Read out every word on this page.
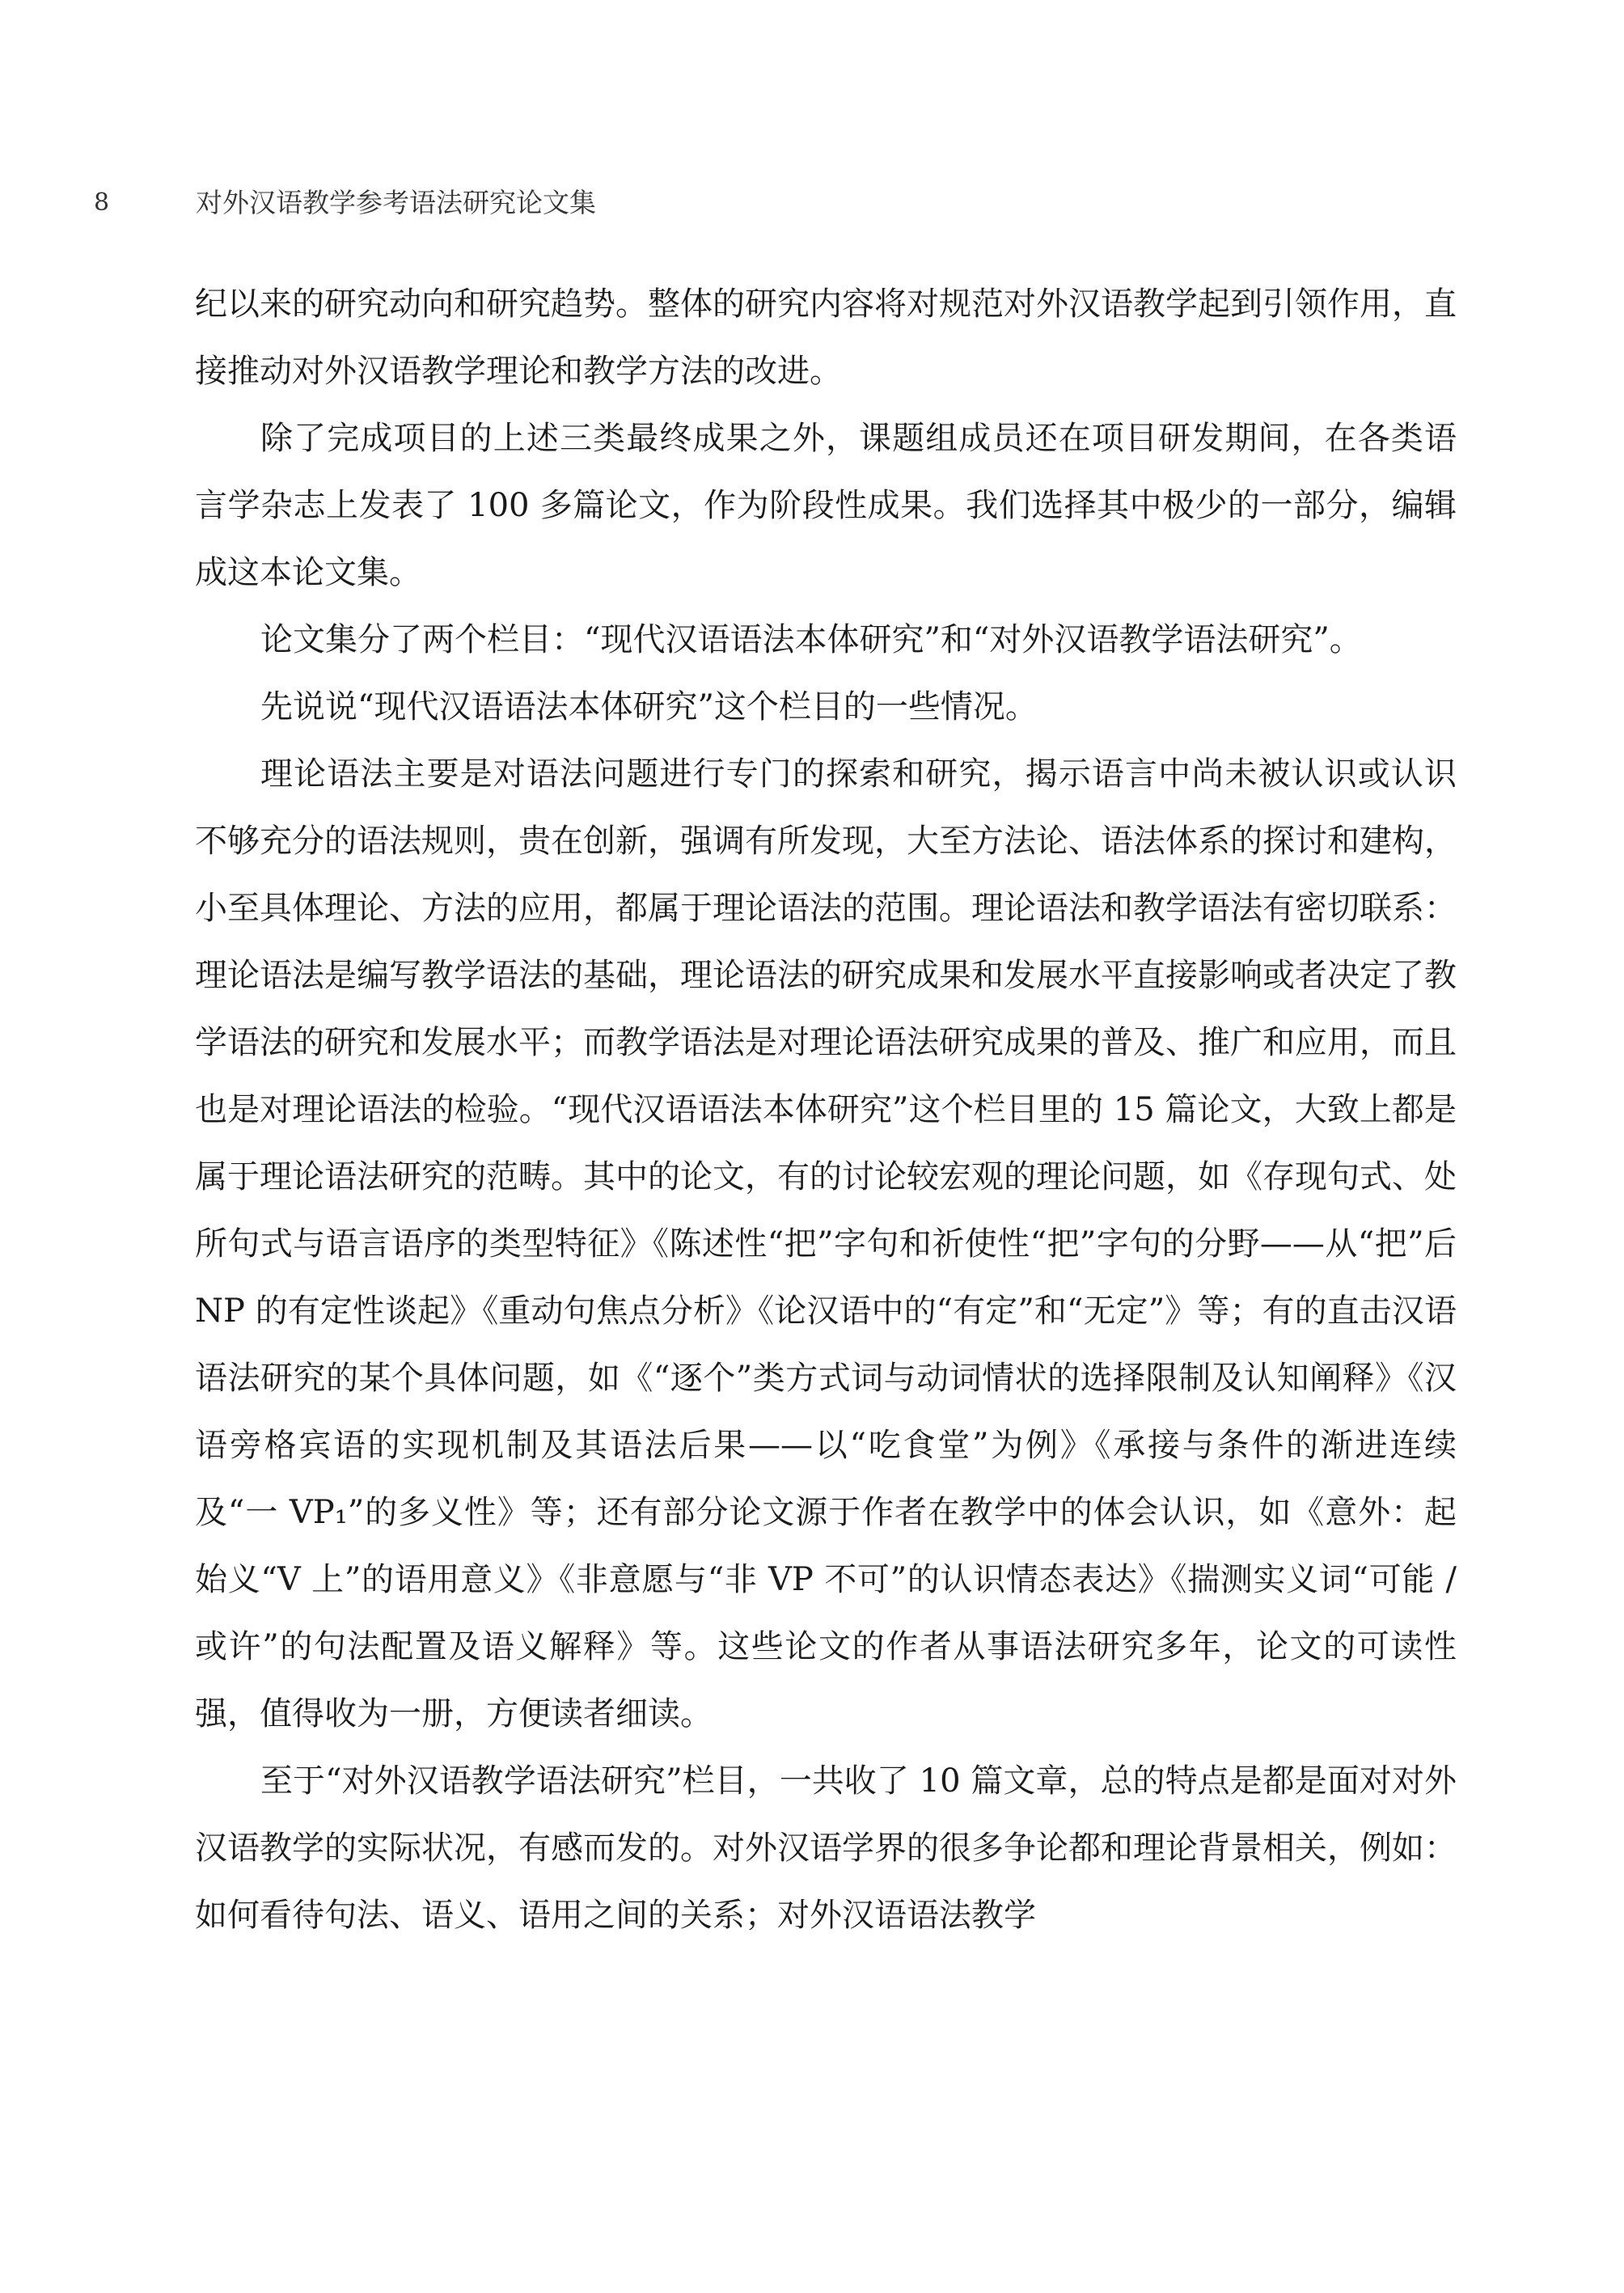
8	对外汉语教学参考语法研究论文集

纪以来的研究动向和研究趋势。整体的研究内容将对规范对外汉语教学起到引领作用，直接推动对外汉语教学理论和教学方法的改进。

除了完成项目的上述三类最终成果之外，课题组成员还在项目研发期间，在各类语言学杂志上发表了 100 多篇论文，作为阶段性成果。我们选择其中极少的一部分，编辑成这本论文集。

论文集分了两个栏目：“现代汉语语法本体研究”和“对外汉语教学语法研究”。

先说说“现代汉语语法本体研究”这个栏目的一些情况。

理论语法主要是对语法问题进行专门的探索和研究，揭示语言中尚未被认识或认识不够充分的语法规则，贵在创新，强调有所发现，大至方法论、语法体系的探讨和建构，小至具体理论、方法的应用，都属于理论语法的范围。理论语法和教学语法有密切联系：理论语法是编写教学语法的基础，理论语法的研究成果和发展水平直接影响或者决定了教学语法的研究和发展水平；而教学语法是对理论语法研究成果的普及、推广和应用，而且也是对理论语法的检验。“现代汉语语法本体研究”这个栏目里的 15 篇论文，大致上都是属于理论语法研究的范畴。其中的论文，有的讨论较宏观的理论问题，如《存现句式、处所句式与语言语序的类型特征》《陈述性“把”字句和祈使性“把”字句的分野——从“把”后 NP 的有定性谈起》《重动句焦点分析》《论汉语中的“有定”和“无定”》等；有的直击汉语语法研究的某个具体问题，如《“逐个”类方式词与动词情状的选择限制及认知阐释》《汉语旁格宾语的实现机制及其语法后果——以“吃食堂”为例》《承接与条件的渐进连续及“一 VP₁”的多义性》等；还有部分论文源于作者在教学中的体会认识，如《意外：起始义“V 上”的语用意义》《非意愿与“非 VP 不可”的认识情态表达》《揣测实义词“可能 / 或许”的句法配置及语义解释》等。这些论文的作者从事语法研究多年，论文的可读性强，值得收为一册，方便读者细读。

至于“对外汉语教学语法研究”栏目，一共收了 10 篇文章，总的特点是都是面对对外汉语教学的实际状况，有感而发的。对外汉语学界的很多争论都和理论背景相关，例如：如何看待句法、语义、语用之间的关系；对外汉语语法教学
